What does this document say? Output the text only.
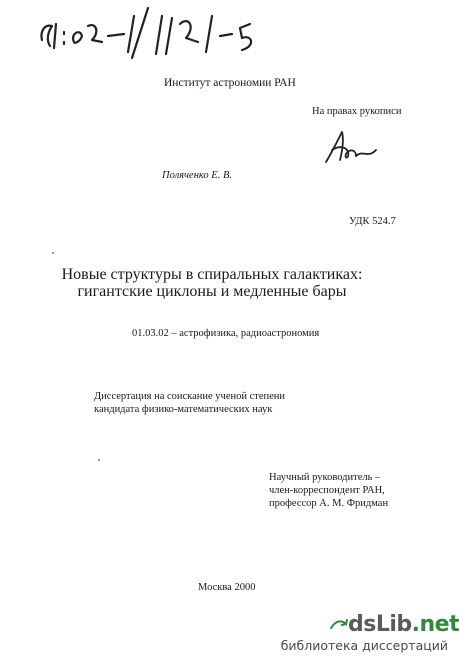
Институт астрономии РАН
На правах рукописи
Поляченко Е. В.
УДК 524.7
Новые структуры в спиральных галактиках:
гигантские циклоны и медленные бары
01.03.02 – астрофизика, радиоастрономия
Диссертация на соискание ученой степени
кандидата физико-математических наук
Научный руководитель –
член-корреспондент РАН,
профессор А. М. Фридман
Москва 2000
dsLib.net
библиотека диссертаций
